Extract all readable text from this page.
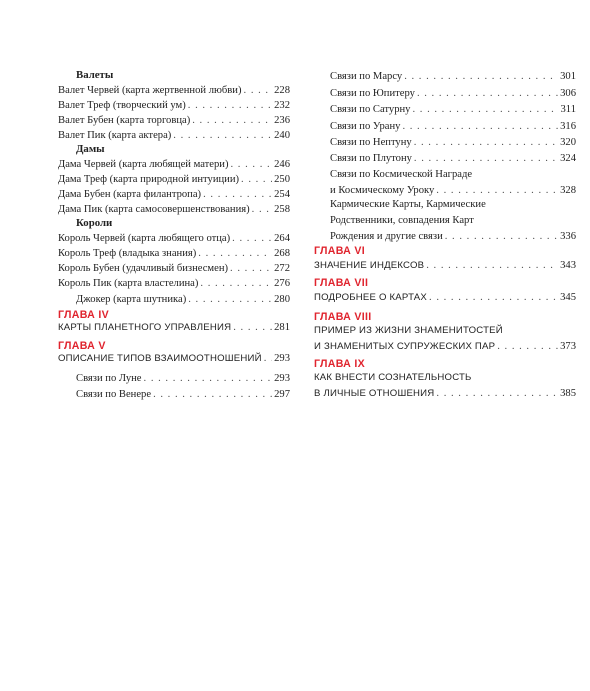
Валеты
Валет Червей (карта жертвенной любви) . . .	228
Валет Треф (творческий ум) . . .	232
Валет Бубен (карта торговца) . . .	236
Валет Пик (карта актера) . . .	240
Дамы
Дама Червей (карта любящей матери) . . .	246
Дама Треф (карта природной интуиции) . . .	250
Дама Бубен (карта филантропа) . . .	254
Дама Пик (карта самосовершенствования) . . . 258
Короли
Король Червей (карта любящего отца) . . .	264
Король Треф (владыка знания) . . .	268
Король Бубен (удачливый бизнесмен) . . .	272
Король Пик (карта властелина) . . .	276
Джокер (карта шутника) . . .	280
ГЛАВА IV
КАРТЫ ПЛАНЕТНОГО УПРАВЛЕНИЯ . . .	281
ГЛАВА V
ОПИСАНИЕ ТИПОВ ВЗАИМООТНОШЕНИЙ . . . 293
Связи по Луне . . .	293
Связи по Венере . . .	297
Связи по Марсу . . .	301
Связи по Юпитеру . . .	306
Связи по Сатурну . . .	311
Связи по Урану . . .	316
Связи по Нептуну . . .	320
Связи по Плутону . . .	324
Связи по Космической Награде
и Космическому Уроку . . .	328
Кармические Карты, Кармические
Родственники, совпадения Карт
Рождения и другие связи . . .	336
ГЛАВА VI
ЗНАЧЕНИЕ ИНДЕКСОВ . . .	343
ГЛАВА VII
ПОДРОБНЕЕ О КАРТАХ . . .	345
ГЛАВА VIII
ПРИМЕР ИЗ ЖИЗНИ ЗНАМЕНИТОСТЕЙ
И ЗНАМЕНИТЫХ СУПРУЖЕСКИХ ПАР . . .	373
ГЛАВА IX
КАК ВНЕСТИ СОЗНАТЕЛЬНОСТЬ
В ЛИЧНЫЕ ОТНОШЕНИЯ . . .	385
